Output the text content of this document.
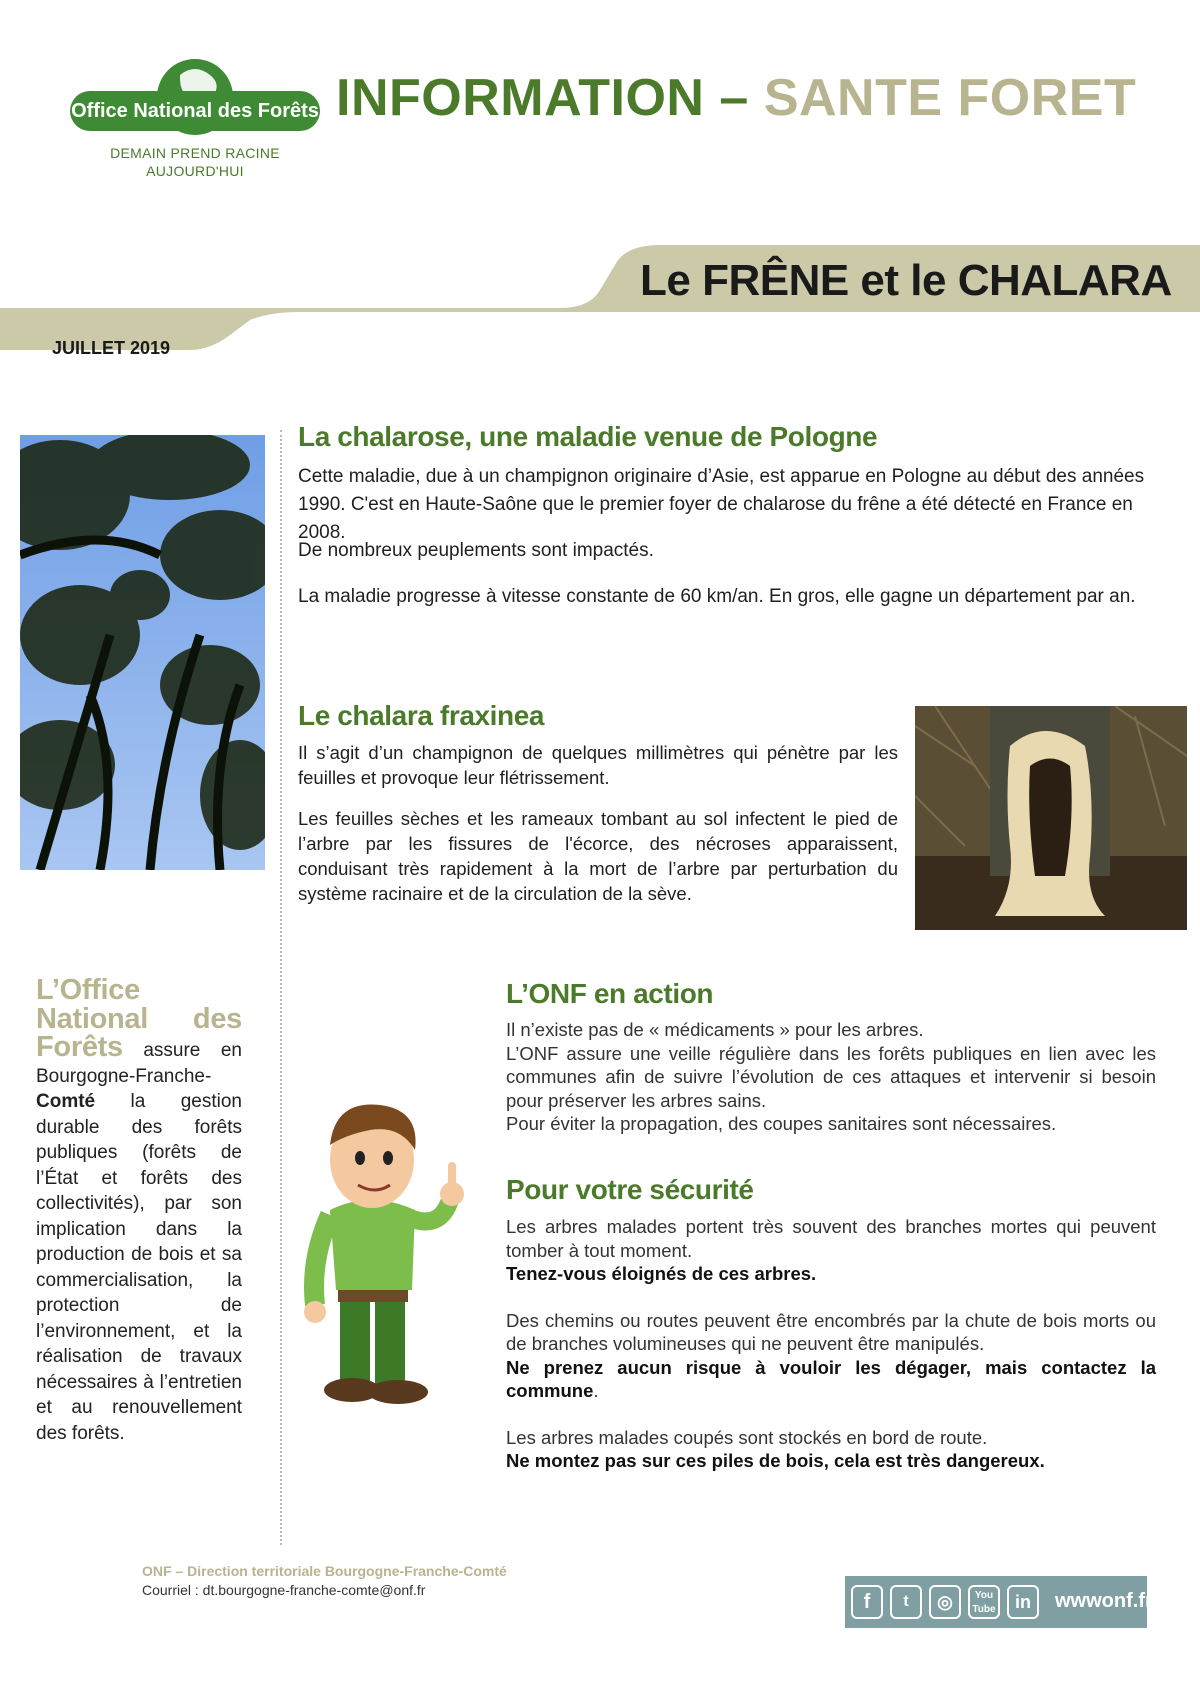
Office National des Forêts
DEMAIN PREND RACINE
AUJOURD'HUI
INFORMATION – SANTE FORET
Le FRÊNE et le CHALARA
JUILLET 2019
La chalarose, une maladie venue de Pologne
Cette maladie, due à un champignon originaire d’Asie, est apparue en Pologne au début des années 1990. C'est en Haute-Saône que le premier foyer de chalarose du frêne a été détecté en France en 2008.
De nombreux peuplements sont impactés.
La maladie progresse à vitesse constante de 60 km/an. En gros, elle gagne un département par an.
Le chalara fraxinea
Il s’agit d’un champignon de quelques millimètres qui pénètre par les feuilles et provoque leur flétrissement.
Les feuilles sèches et les rameaux tombant au sol infectent le pied de l’arbre par les fissures de l'écorce, des nécroses apparaissent, conduisant très rapidement à la mort de l’arbre par perturbation du système racinaire et de la circulation de la sève.
L’Office National des Forêts assure en Bourgogne-Franche- Comté la gestion durable des forêts publiques (forêts de l’État et forêts des collectivités), par son implication dans la production de bois et sa commercialisation, la protection de l’environnement, et la réalisation de travaux nécessaires à l’entretien et au renouvellement des forêts.
L’ONF en action
Il n’existe pas de « médicaments » pour les arbres.
L’ONF assure une veille régulière dans les forêts publiques en lien avec les communes afin de suivre l’évolution de ces attaques et intervenir si besoin pour préserver les arbres sains.
Pour éviter la propagation, des coupes sanitaires sont nécessaires.
Pour votre sécurité
Les arbres malades portent très souvent des branches mortes qui peuvent tomber à tout moment.
Tenez-vous éloignés de ces arbres.
Des chemins ou routes peuvent être encombrés par la chute de bois morts ou de branches volumineuses qui ne peuvent être manipulés.
Ne prenez aucun risque à vouloir les dégager, mais contactez la commune.
Les arbres malades coupés sont stockés en bord de route.
Ne montez pas sur ces piles de bois, cela est très dangereux.
ONF – Direction territoriale Bourgogne-Franche-Comté
Courriel : dt.bourgogne-franche-comte@onf.fr
f	t	◎	You
Tube	in	wwwonf.fr
